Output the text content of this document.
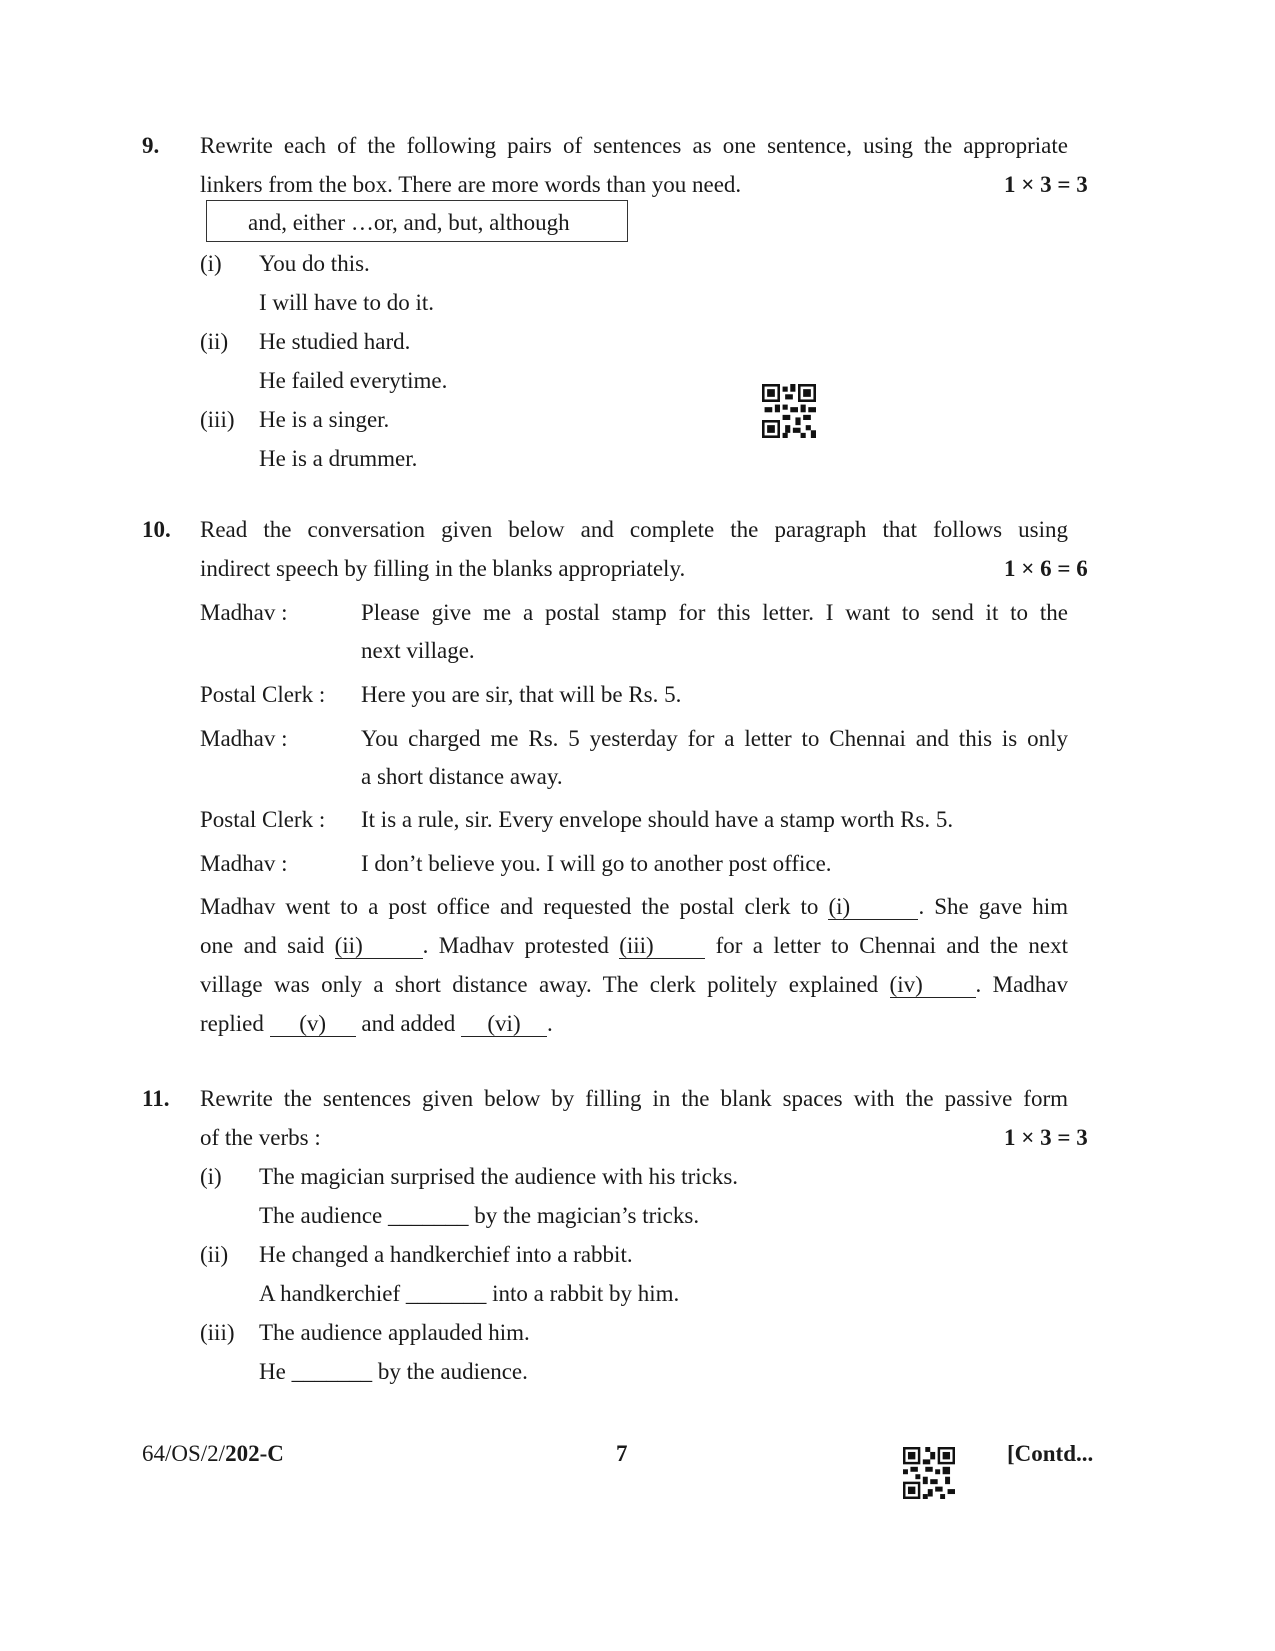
9. Rewrite each of the following pairs of sentences as one sentence, using the appropriate
linkers from the box. There are more words than you need.	1 × 3 = 3
and, either …or, and, but, although
(i) You do this.
I will have to do it.
(ii) He studied hard.
He failed everytime.
(iii) He is a singer.
He is a drummer.
10. Read the conversation given below and complete the paragraph that follows using
indirect speech by filling in the blanks appropriately.	1 × 6 = 6
Madhav :	Please give me a postal stamp for this letter. I want to send it to the
next village.
Postal Clerk : Here you are sir, that will be Rs. 5.
Madhav :	You charged me Rs. 5 yesterday for a letter to Chennai and this is only
a short distance away.
Postal Clerk : It is a rule, sir. Every envelope should have a stamp worth Rs. 5.
Madhav :	I don’t believe you. I will go to another post office.
Madhav went to a post office and requested the postal clerk to (i)	. She gave him
one and said (ii)	. Madhav protested (iii)	for a letter to Chennai and the next
village was only a short distance away. The clerk politely explained (iv) . Madhav
replied (v) and added (vi) .
11. Rewrite the sentences given below by filling in the blank spaces with the passive form
of the verbs :	1 × 3 = 3
(i) The magician surprised the audience with his tricks.
The audience _______ by the magician’s tricks.
(ii) He changed a handkerchief into a rabbit.
A handkerchief _______ into a rabbit by him.
(iii) The audience applauded him.
He _______ by the audience.
64/OS/2/202-C	7	[Contd...
